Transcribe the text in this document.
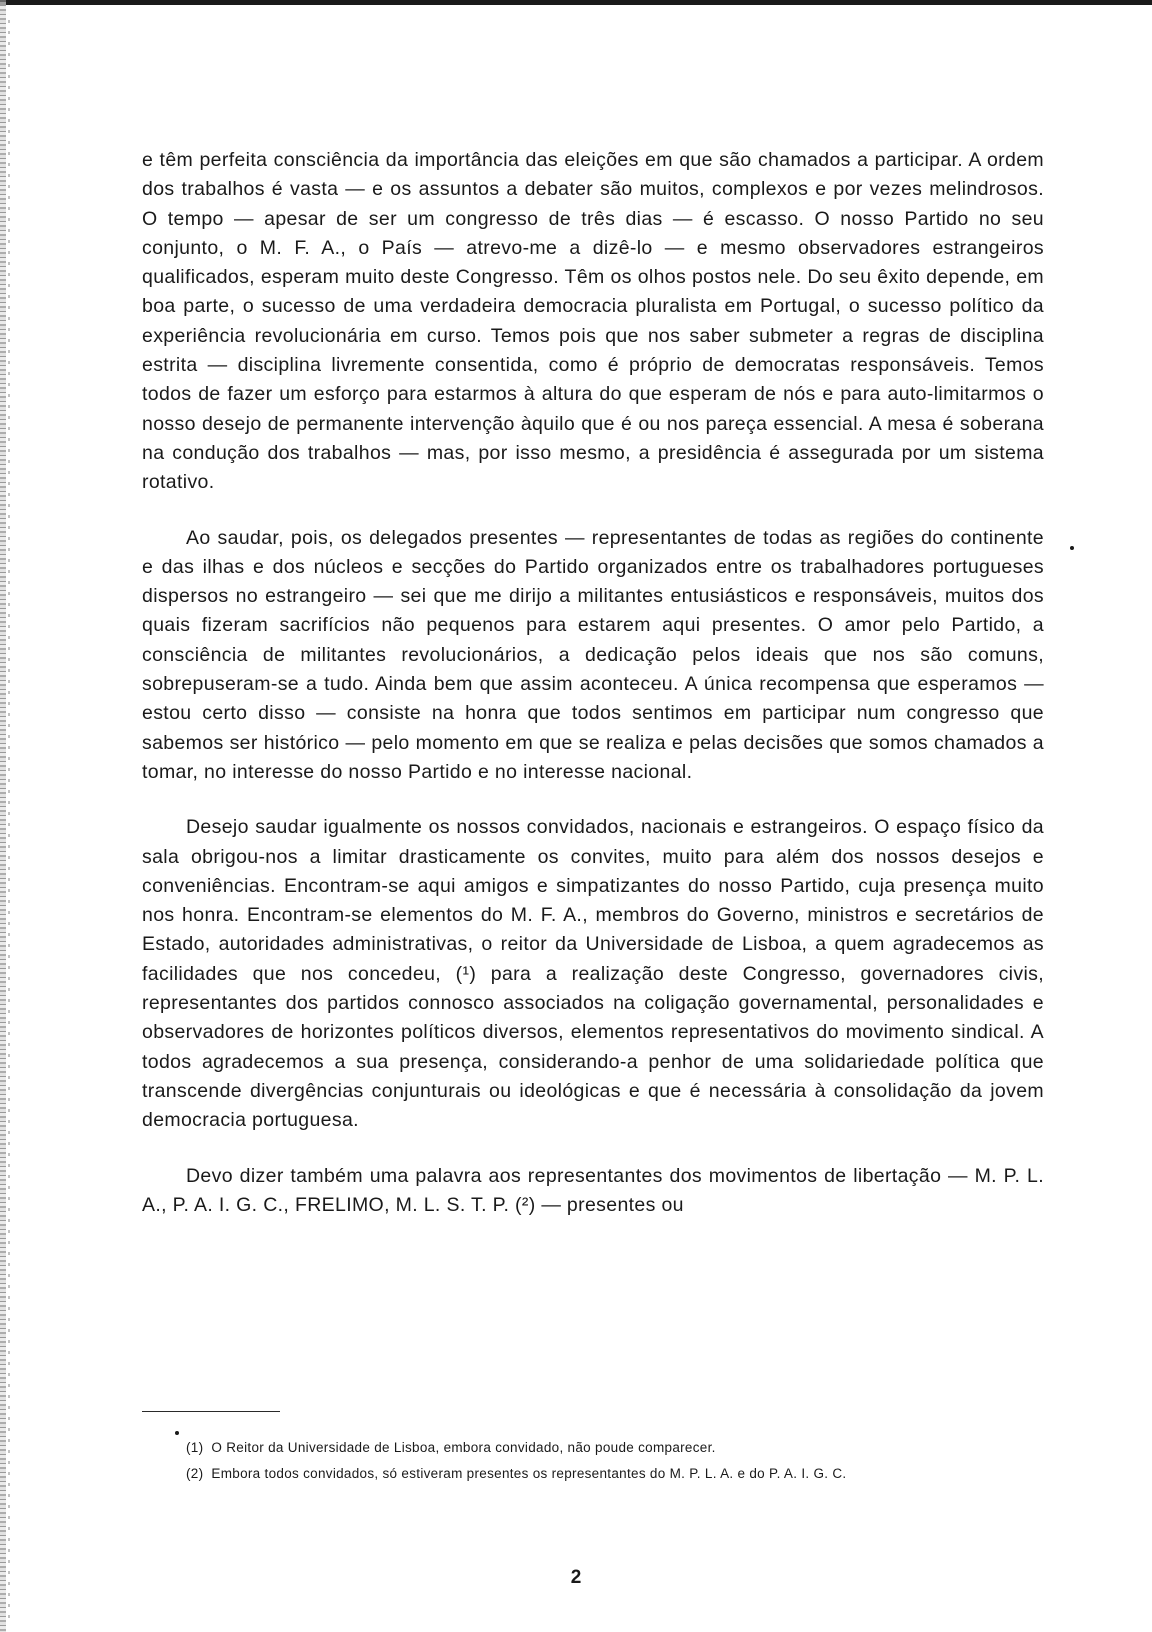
e têm perfeita consciência da importância das eleições em que são chamados a participar. A ordem dos trabalhos é vasta — e os assuntos a debater são muitos, complexos e por vezes melindrosos. O tempo — apesar de ser um congresso de três dias — é escasso. O nosso Partido no seu conjunto, o M. F. A., o País — atrevo-me a dizê-lo — e mesmo observadores estrangeiros qualificados, esperam muito deste Congresso. Têm os olhos postos nele. Do seu êxito depende, em boa parte, o sucesso de uma verdadeira democracia pluralista em Portugal, o sucesso político da experiência revolucionária em curso. Temos pois que nos saber submeter a regras de disciplina estrita — disciplina livremente consentida, como é próprio de democratas responsáveis. Temos todos de fazer um esforço para estarmos à altura do que esperam de nós e para auto-limitarmos o nosso desejo de permanente intervenção àquilo que é ou nos pareça essencial. A mesa é soberana na condução dos trabalhos — mas, por isso mesmo, a presidência é assegurada por um sistema rotativo.

Ao saudar, pois, os delegados presentes — representantes de todas as regiões do continente e das ilhas e dos núcleos e secções do Partido organizados entre os trabalhadores portugueses dispersos no estrangeiro — sei que me dirijo a militantes entusiásticos e responsáveis, muitos dos quais fizeram sacrifícios não pequenos para estarem aqui presentes. O amor pelo Partido, a consciência de militantes revolucionários, a dedicação pelos ideais que nos são comuns, sobrepuseram-se a tudo. Ainda bem que assim aconteceu. A única recompensa que esperamos — estou certo disso — consiste na honra que todos sentimos em participar num congresso que sabemos ser histórico — pelo momento em que se realiza e pelas decisões que somos chamados a tomar, no interesse do nosso Partido e no interesse nacional.

Desejo saudar igualmente os nossos convidados, nacionais e estrangeiros. O espaço físico da sala obrigou-nos a limitar drasticamente os convites, muito para além dos nossos desejos e conveniências. Encontram-se aqui amigos e simpatizantes do nosso Partido, cuja presença muito nos honra. Encontram-se elementos do M. F. A., membros do Governo, ministros e secretários de Estado, autoridades administrativas, o reitor da Universidade de Lisboa, a quem agradecemos as facilidades que nos concedeu, (¹) para a realização deste Congresso, governadores civis, representantes dos partidos connosco associados na coligação governamental, personalidades e observadores de horizontes políticos diversos, elementos representativos do movimento sindical. A todos agradecemos a sua presença, considerando-a penhor de uma solidariedade política que transcende divergências conjunturais ou ideológicas e que é necessária à consolidação da jovem democracia portuguesa.

Devo dizer também uma palavra aos representantes dos movimentos de libertação — M. P. L. A., P. A. I. G. C., FRELIMO, M. L. S. T. P. (²) — presentes ou

(1) O Reitor da Universidade de Lisboa, embora convidado, não poude comparecer.

(2) Embora todos convidados, só estiveram presentes os representantes do M. P. L. A. e do P. A. I. G. C.

2
